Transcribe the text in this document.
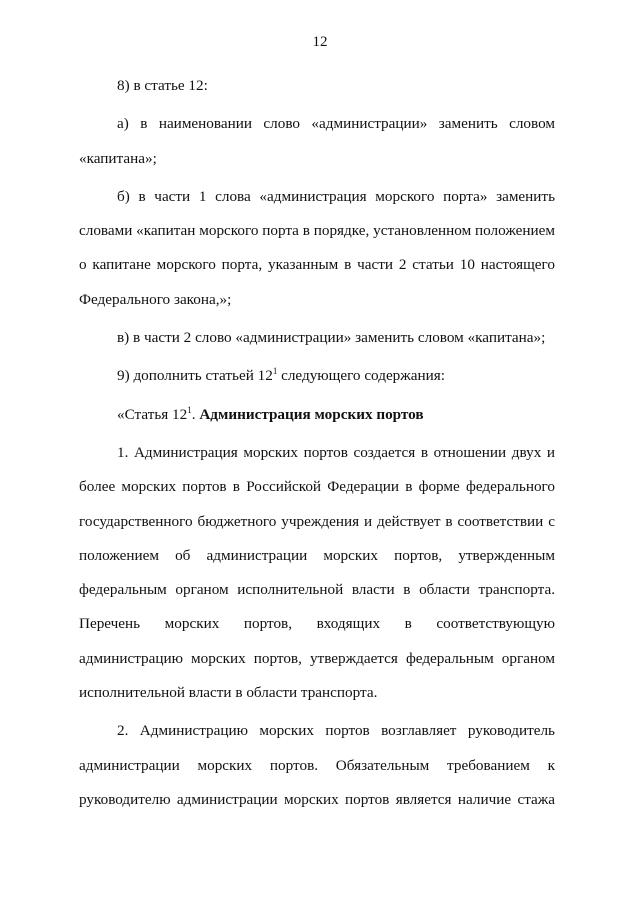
12

8) в статье 12:

а) в наименовании слово «администрации» заменить словом «капитана»;

б) в части 1 слова «администрация морского порта» заменить словами «капитан морского порта в порядке, установленном положением о капитане морского порта, указанным в части 2 статьи 10 настоящего Федерального закона,»;

в) в части 2 слово «администрации» заменить словом «капитана»;

9) дополнить статьей $12^1$ следующего содержания:

«Статья $12^1$. Администрация морских портов

1. Администрация морских портов создается в отношении двух и более морских портов в Российской Федерации в форме федерального государственного бюджетного учреждения и действует в соответствии с положением об администрации морских портов, утвержденным федеральным органом исполнительной власти в области транспорта. Перечень морских портов, входящих в соответствующую администрацию морских портов, утверждается федеральным органом исполнительной власти в области транспорта.

2. Администрацию морских портов возглавляет руководитель администрации морских портов. Обязательным требованием к руководителю администрации морских портов является наличие стажа
